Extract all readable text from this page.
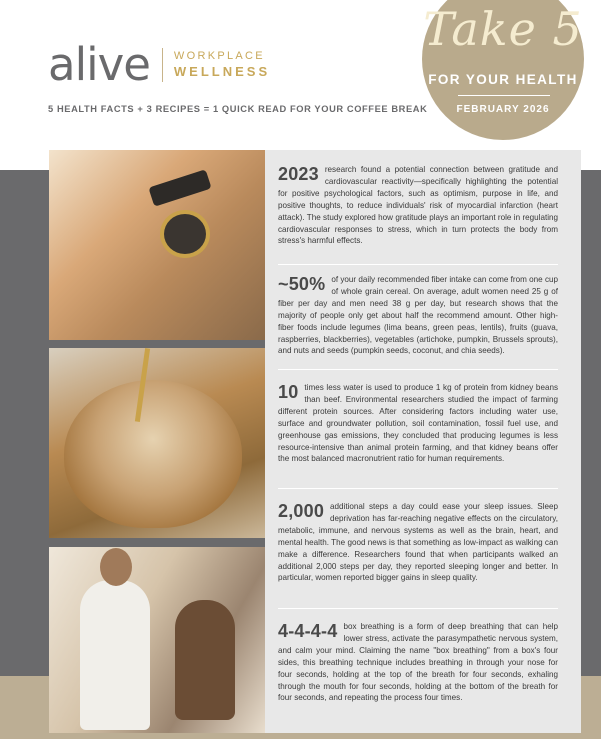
alive WORKPLACE
WELLNESS
5 HEALTH FACTS + 3 RECIPES = 1 QUICK READ FOR YOUR COFFEE BREAK
Take 5
FOR YOUR HEALTH
FEBRUARY 2026
2023 research found a potential connection between gratitude and cardiovascular reactivity—specifically highlighting the potential for positive psychological factors, such as optimism, purpose in life, and positive thoughts, to reduce individuals' risk of myocardial infarction (heart attack). The study explored how gratitude plays an important role in regulating cardiovascular responses to stress, which in turn protects the body from stress's harmful effects.
~50% of your daily recommended fiber intake can come from one cup of whole grain cereal. On average, adult women need 25 g of fiber per day and men need 38 g per day, but research shows that the majority of people only get about half the recommend amount. Other high-fiber foods include legumes (lima beans, green peas, lentils), fruits (guava, raspberries, blackberries), vegetables (artichoke, pumpkin, Brussels sprouts), and nuts and seeds (pumpkin seeds, coconut, and chia seeds).
10 times less water is used to produce 1 kg of protein from kidney beans than beef. Environmental researchers studied the impact of farming different protein sources. After considering factors including water use, surface and groundwater pollution, soil contamination, fossil fuel use, and greenhouse gas emissions, they concluded that producing legumes is less resource-intensive than animal protein farming, and that kidney beans offer the most balanced macronutrient ratio for human requirements.
2,000 additional steps a day could ease your sleep issues. Sleep deprivation has far-reaching negative effects on the circulatory, metabolic, immune, and nervous systems as well as the brain, heart, and mental health. The good news is that something as low-impact as walking can make a difference. Researchers found that when participants walked an additional 2,000 steps per day, they reported sleeping longer and better. In particular, women reported bigger gains in sleep quality.
4-4-4-4 box breathing is a form of deep breathing that can help lower stress, activate the parasympathetic nervous system, and calm your mind. Claiming the name "box breathing" from a box's four sides, this breathing technique includes breathing in through your nose for four seconds, holding at the top of the breath for four seconds, exhaling through the mouth for four seconds, holding at the bottom of the breath for four seconds, and repeating the process four times.
